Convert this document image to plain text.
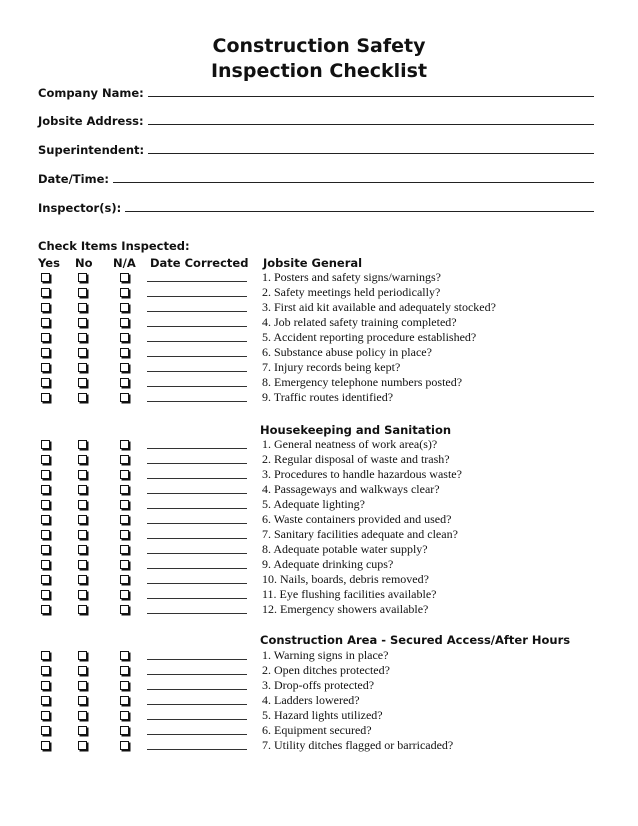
Construction Safety
Inspection Checklist
Company Name:
Jobsite Address:
Superintendent:
Date/Time:
Inspector(s):
Check Items Inspected:
Yes No N/A Date Corrected Jobsite General
Housekeeping and Sanitation
Construction Area - Secured Access/After Hours
1. Posters and safety signs/warnings?
2. Safety meetings held periodically?
3. First aid kit available and adequately stocked?
4. Job related safety training completed?
5. Accident reporting procedure established?
6. Substance abuse policy in place?
7. Injury records being kept?
8. Emergency telephone numbers posted?
9. Traffic routes identified?
1. General neatness of work area(s)?
2. Regular disposal of waste and trash?
3. Procedures to handle hazardous waste?
4. Passageways and walkways clear?
5. Adequate lighting?
6. Waste containers provided and used?
7. Sanitary facilities adequate and clean?
8. Adequate potable water supply?
9. Adequate drinking cups?
10. Nails, boards, debris removed?
11. Eye flushing facilities available?
12. Emergency showers available?
1. Warning signs in place?
2. Open ditches protected?
3. Drop-offs protected?
4. Ladders lowered?
5. Hazard lights utilized?
6. Equipment secured?
7. Utility ditches flagged or barricaded?
